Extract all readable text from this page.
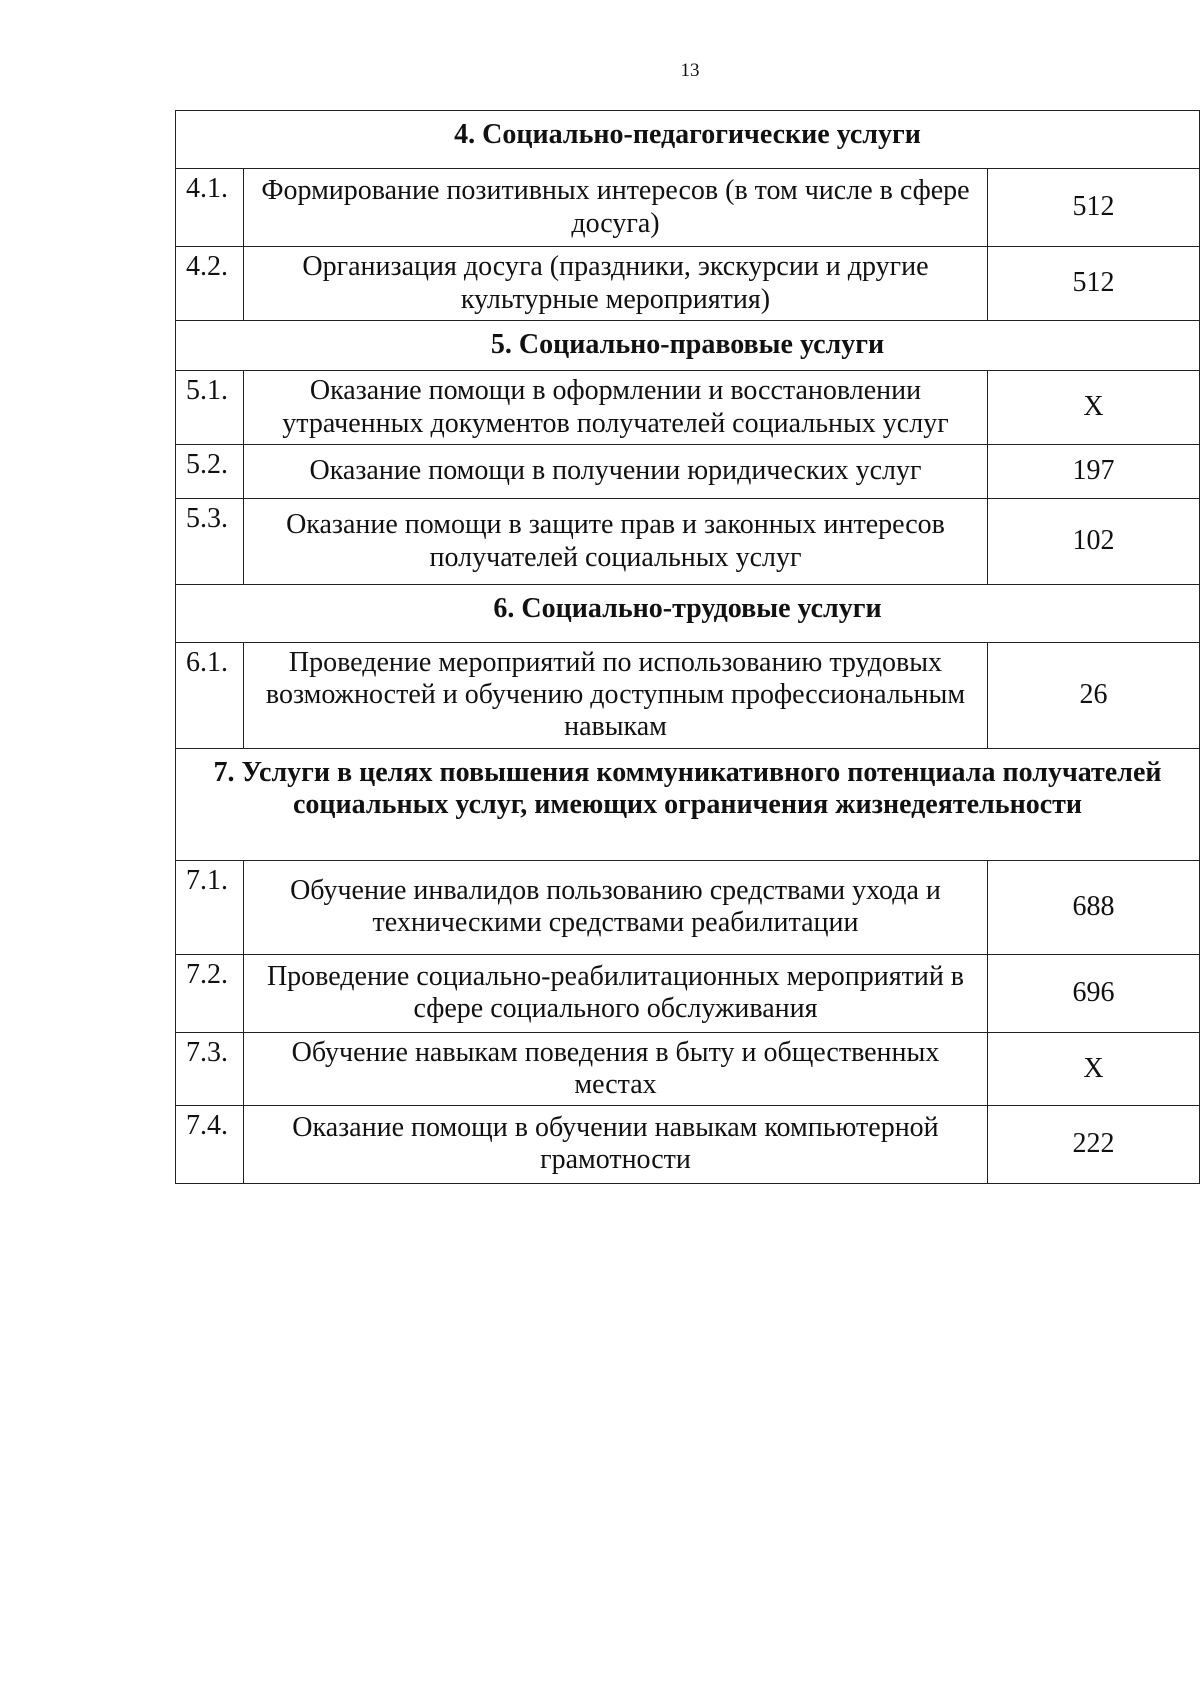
13
4. Социально-педагогические услуги		
4.1.	Формирование позитивных интересов (в том числе в сфере досуга)	512
4.2.	Организация досуга (праздники, экскурсии и другие культурные мероприятия)	512
5. Социально-правовые услуги		
5.1.	Оказание помощи в оформлении и восстановлении утраченных документов получателей социальных услуг	Х
5.2.	Оказание помощи в получении юридических услуг	197
5.3.	Оказание помощи в защите прав и законных интересов получателей социальных услуг	102
6. Социально-трудовые услуги		
6.1.	Проведение мероприятий по использованию трудовых возможностей и обучению доступным профессиональным навыкам	26
7. Услуги в целях повышения коммуникативного потенциала получателей социальных услуг, имеющих ограничения жизнедеятельности		
7.1.	Обучение инвалидов пользованию средствами ухода и техническими средствами реабилитации	688
7.2.	Проведение социально-реабилитационных мероприятий в сфере социального обслуживания	696
7.3.	Обучение навыкам поведения в быту и общественных местах	Х
7.4.	Оказание помощи в обучении навыкам компьютерной грамотности	222
